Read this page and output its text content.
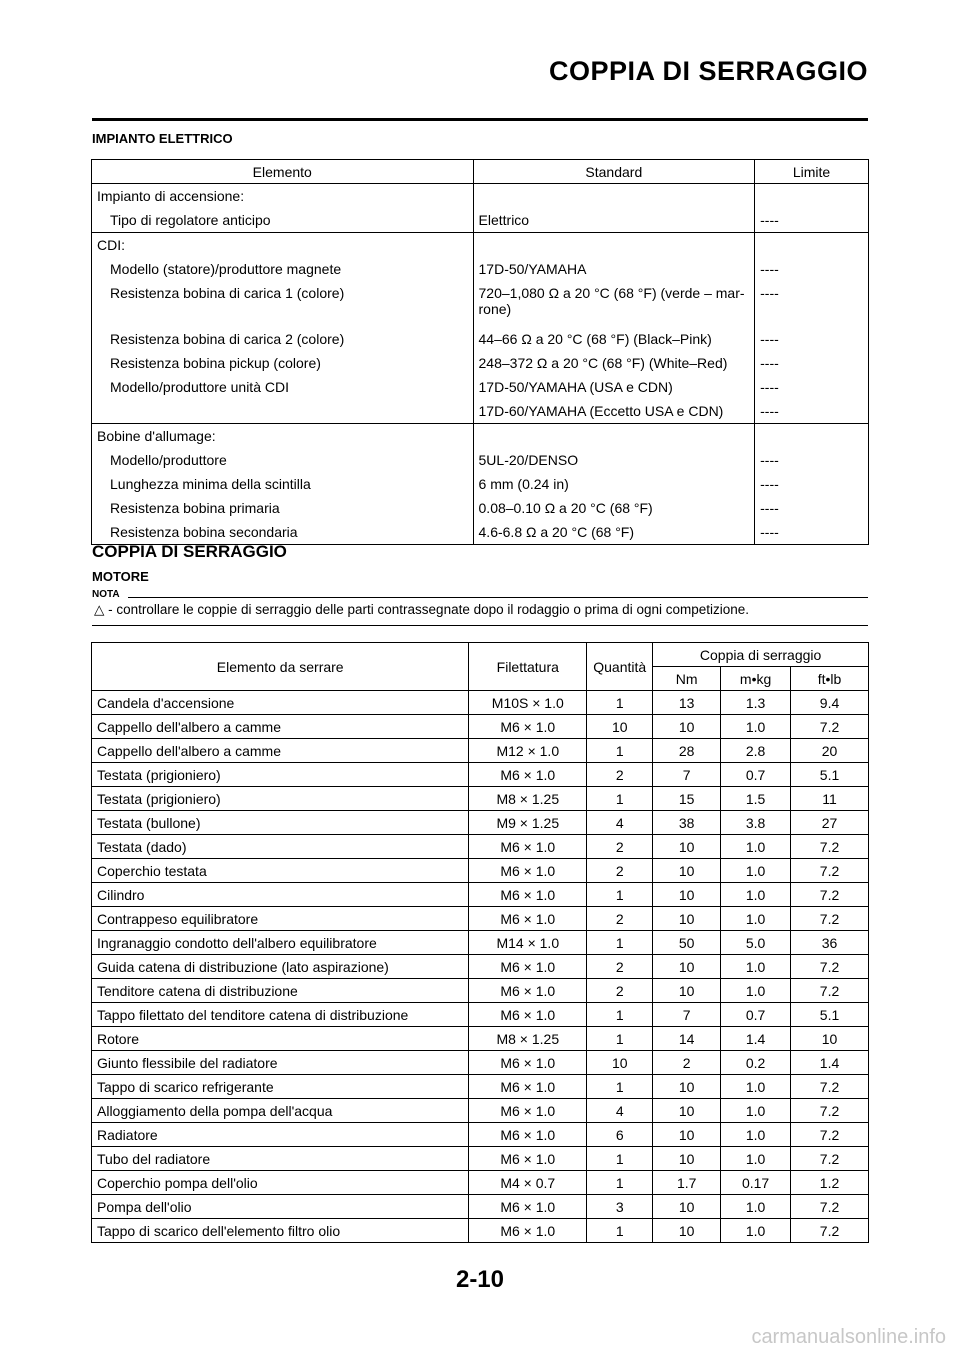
COPPIA DI SERRAGGIO
IMPIANTO ELETTRICO
Elemento	Standard	Limite
Impianto di accensione:		
Tipo di regolatore anticipo	Elettrico	----
CDI:		
Modello (statore)/produttore magnete	17D-50/YAMAHA	----
Resistenza bobina di carica 1 (colore)	720–1,080 Ω a 20 °C (68 °F) (verde – mar-rone)	----
Resistenza bobina di carica 2 (colore)	44–66 Ω a 20 °C (68 °F) (Black–Pink)	----
Resistenza bobina pickup (colore)	248–372 Ω a 20 °C (68 °F) (White–Red)	----
Modello/produttore unità CDI	17D-50/YAMAHA (USA e CDN)	----
	17D-60/YAMAHA (Eccetto USA e CDN)	----
Bobine d'allumage:		
Modello/produttore	5UL-20/DENSO	----
Lunghezza minima della scintilla	6 mm (0.24 in)	----
Resistenza bobina primaria	0.08–0.10 Ω a 20 °C (68 °F)	----
Resistenza bobina secondaria	4.6-6.8 Ω a 20 °C (68 °F)	----
COPPIA DI SERRAGGIO
MOTORE
NOTA
△ - controllare le coppie di serraggio delle parti contrassegnate dopo il rodaggio o prima di ogni competizione.
Elemento da serrare	Filettatura	Quantità	Coppia di serraggio		
			Nm	m•kg	ft•lb
Candela d'accensione	M10S × 1.0	1	13	1.3	9.4
Cappello dell'albero a camme	M6 × 1.0	10	10	1.0	7.2
Cappello dell'albero a camme	M12 × 1.0	1	28	2.8	20
Testata (prigioniero)	M6 × 1.0	2	7	0.7	5.1
Testata (prigioniero)	M8 × 1.25	1	15	1.5	11
Testata (bullone)	M9 × 1.25	4	38	3.8	27
Testata (dado)	M6 × 1.0	2	10	1.0	7.2
Coperchio testata	M6 × 1.0	2	10	1.0	7.2
Cilindro	M6 × 1.0	1	10	1.0	7.2
Contrappeso equilibratore	M6 × 1.0	2	10	1.0	7.2
Ingranaggio condotto dell'albero equilibratore	M14 × 1.0	1	50	5.0	36
Guida catena di distribuzione (lato aspirazione)	M6 × 1.0	2	10	1.0	7.2
Tenditore catena di distribuzione	M6 × 1.0	2	10	1.0	7.2
Tappo filettato del tenditore catena di distribuzione	M6 × 1.0	1	7	0.7	5.1
Rotore	M8 × 1.25	1	14	1.4	10
Giunto flessibile del radiatore	M6 × 1.0	10	2	0.2	1.4
Tappo di scarico refrigerante	M6 × 1.0	1	10	1.0	7.2
Alloggiamento della pompa dell'acqua	M6 × 1.0	4	10	1.0	7.2
Radiatore	M6 × 1.0	6	10	1.0	7.2
Tubo del radiatore	M6 × 1.0	1	10	1.0	7.2
Coperchio pompa dell'olio	M4 × 0.7	1	1.7	0.17	1.2
Pompa dell'olio	M6 × 1.0	3	10	1.0	7.2
Tappo di scarico dell'elemento filtro olio	M6 × 1.0	1	10	1.0	7.2
2-10
carmanualsonline.info
